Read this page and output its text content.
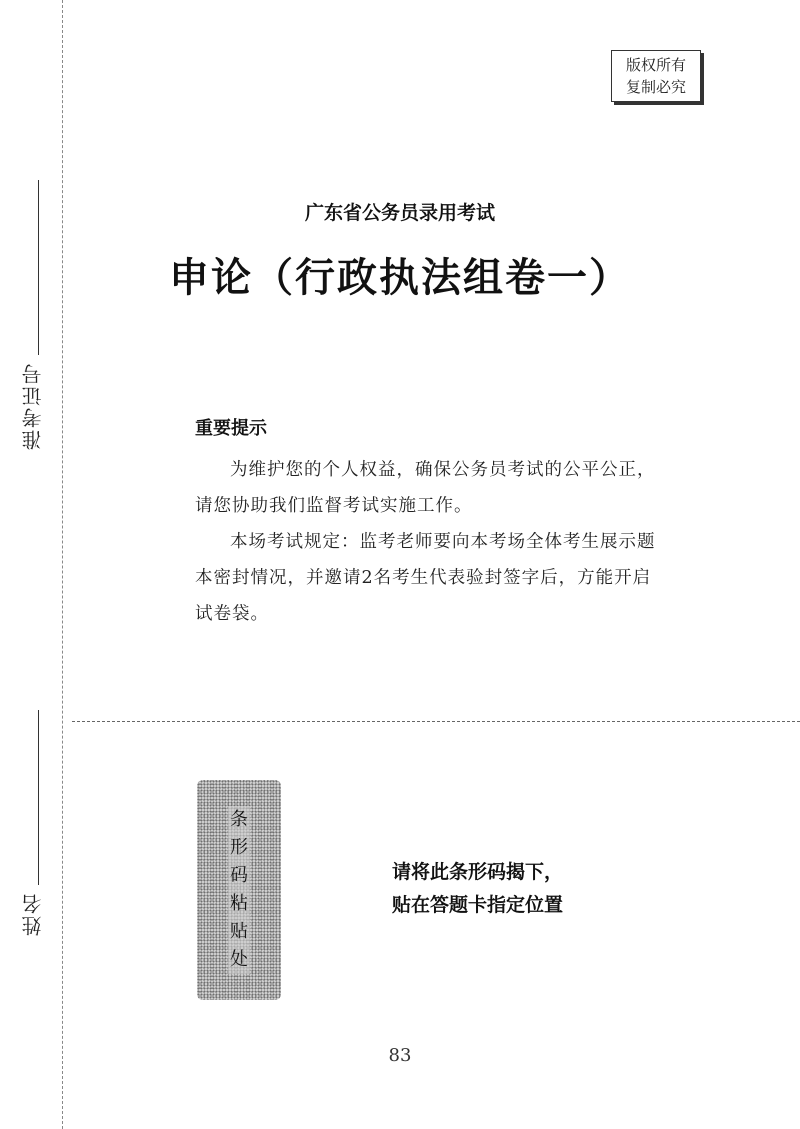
准考证号
姓名
版权所有
复制必究
广东省公务员录用考试
申论（行政执法组卷一）
重要提示

为维护您的个人权益，确保公务员考试的公平公正，请您协助我们监督考试实施工作。

本场考试规定：监考老师要向本考场全体考生展示题本密封情况，并邀请2名考生代表验封签字后，方能开启试卷袋。

条
形
码
粘
贴
处
请将此条形码揭下，
贴在答题卡指定位置
83
